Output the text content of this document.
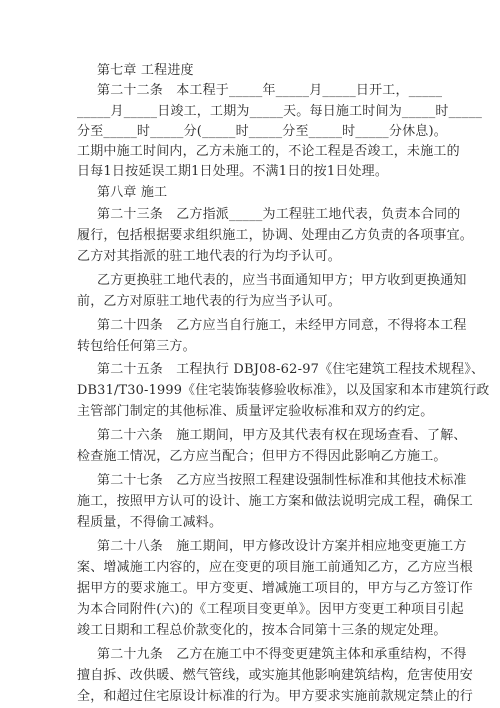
第七章 工程进度
第二十二条　本工程于_____年_____月_____日开工，_____
_____月_____日竣工，工期为_____天。每日施工时间为_____时_____
分至_____时_____分(_____时_____分至_____时_____分休息)。
工期中施工时间内，乙方未施工的，不论工程是否竣工，未施工的
日每1日按延误工期1日处理。不满1日的按1日处理。
第八章 施工
第二十三条　乙方指派_____为工程驻工地代表，负责本合同的
履行，包括根据要求组织施工，协调、处理由乙方负责的各项事宜。
乙方对其指派的驻工地代表的行为均予认可。
乙方更换驻工地代表的，应当书面通知甲方；甲方收到更换通知
前，乙方对原驻工地代表的行为应当予认可。
第二十四条　乙方应当自行施工，未经甲方同意，不得将本工程
转包给任何第三方。
第二十五条　工程执行 DBJ08-62-97《住宅建筑工程技术规程》、
DB31/T30-1999《住宅装饰装修验收标准》，以及国家和本市建筑行政
主管部门制定的其他标准、质量评定验收标准和双方的约定。
第二十六条　施工期间，甲方及其代表有权在现场查看、了解、
检查施工情况，乙方应当配合；但甲方不得因此影响乙方施工。
第二十七条　乙方应当按照工程建设强制性标准和其他技术标准
施工，按照甲方认可的设计、施工方案和做法说明完成工程，确保工
程质量，不得偷工减料。
第二十八条　施工期间，甲方修改设计方案并相应地变更施工方
案、增减施工内容的，应在变更的项目施工前通知乙方，乙方应当根
据甲方的要求施工。甲方变更、增减施工项目的，甲方与乙方签订作
为本合同附件(六)的《工程项目变更单》。因甲方变更工种项目引起
竣工日期和工程总价款变化的，按本合同第十三条的规定处理。
第二十九条　乙方在施工中不得变更建筑主体和承重结构，不得
擅自拆、改供暖、燃气管线，或实施其他影响建筑结构，危害使用安
全，和超过住宅原设计标准的行为。甲方要求实施前款规定禁止的行
